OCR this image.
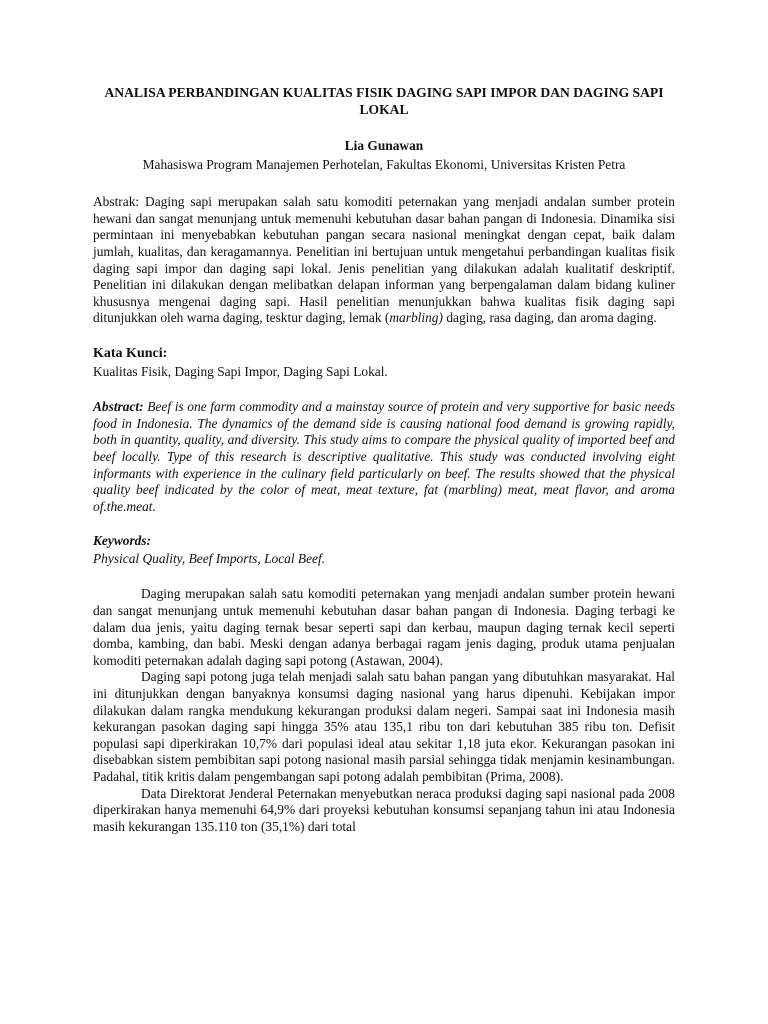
ANALISA PERBANDINGAN KUALITAS FISIK DAGING SAPI IMPOR DAN DAGING SAPI LOKAL
Lia Gunawan
Mahasiswa Program Manajemen Perhotelan, Fakultas Ekonomi, Universitas Kristen Petra

Abstrak: Daging sapi merupakan salah satu komoditi peternakan yang menjadi andalan sumber protein hewani dan sangat menunjang untuk memenuhi kebutuhan dasar bahan pangan di Indonesia. Dinamika sisi permintaan ini menyebabkan kebutuhan pangan secara nasional meningkat dengan cepat, baik dalam jumlah, kualitas, dan keragamannya. Penelitian ini bertujuan untuk mengetahui perbandingan kualitas fisik daging sapi impor dan daging sapi lokal. Jenis penelitian yang dilakukan adalah kualitatif deskriptif. Penelitian ini dilakukan dengan melibatkan delapan informan yang berpengalaman dalam bidang kuliner khususnya mengenai daging sapi. Hasil penelitian menunjukkan bahwa kualitas fisik daging sapi ditunjukkan oleh warna daging, tesktur daging, lemak (marbling) daging, rasa daging, dan aroma daging.

Kata Kunci:
Kualitas Fisik, Daging Sapi Impor, Daging Sapi Lokal.

Abstract: Beef is one farm commodity and a mainstay source of protein and very supportive for basic needs food in Indonesia. The dynamics of the demand side is causing national food demand is growing rapidly, both in quantity, quality, and diversity. This study aims to compare the physical quality of imported beef and beef locally. Type of this research is descriptive qualitative. This study was conducted involving eight informants with experience in the culinary field particularly on beef. The results showed that the physical quality beef indicated by the color of meat, meat texture, fat (marbling) meat, meat flavor, and aroma of.the.meat.

Keywords:
Physical Quality, Beef Imports, Local Beef.

Daging merupakan salah satu komoditi peternakan yang menjadi andalan sumber protein hewani dan sangat menunjang untuk memenuhi kebutuhan dasar bahan pangan di Indonesia. Daging terbagi ke dalam dua jenis, yaitu daging ternak besar seperti sapi dan kerbau, maupun daging ternak kecil seperti domba, kambing, dan babi. Meski dengan adanya berbagai ragam jenis daging, produk utama penjualan komoditi peternakan adalah daging sapi potong (Astawan, 2004).

Daging sapi potong juga telah menjadi salah satu bahan pangan yang dibutuhkan masyarakat. Hal ini ditunjukkan dengan banyaknya konsumsi daging nasional yang harus dipenuhi. Kebijakan impor dilakukan dalam rangka mendukung kekurangan produksi dalam negeri. Sampai saat ini Indonesia masih kekurangan pasokan daging sapi hingga 35% atau 135,1 ribu ton dari kebutuhan 385 ribu ton. Defisit populasi sapi diperkirakan 10,7% dari populasi ideal atau sekitar 1,18 juta ekor. Kekurangan pasokan ini disebabkan sistem pembibitan sapi potong nasional masih parsial sehingga tidak menjamin kesinambungan. Padahal, titik kritis dalam pengembangan sapi potong adalah pembibitan (Prima, 2008).

Data Direktorat Jenderal Peternakan menyebutkan neraca produksi daging sapi nasional pada 2008 diperkirakan hanya memenuhi 64,9% dari proyeksi kebutuhan konsumsi sepanjang tahun ini atau Indonesia masih kekurangan 135.110 ton (35,1%) dari total
